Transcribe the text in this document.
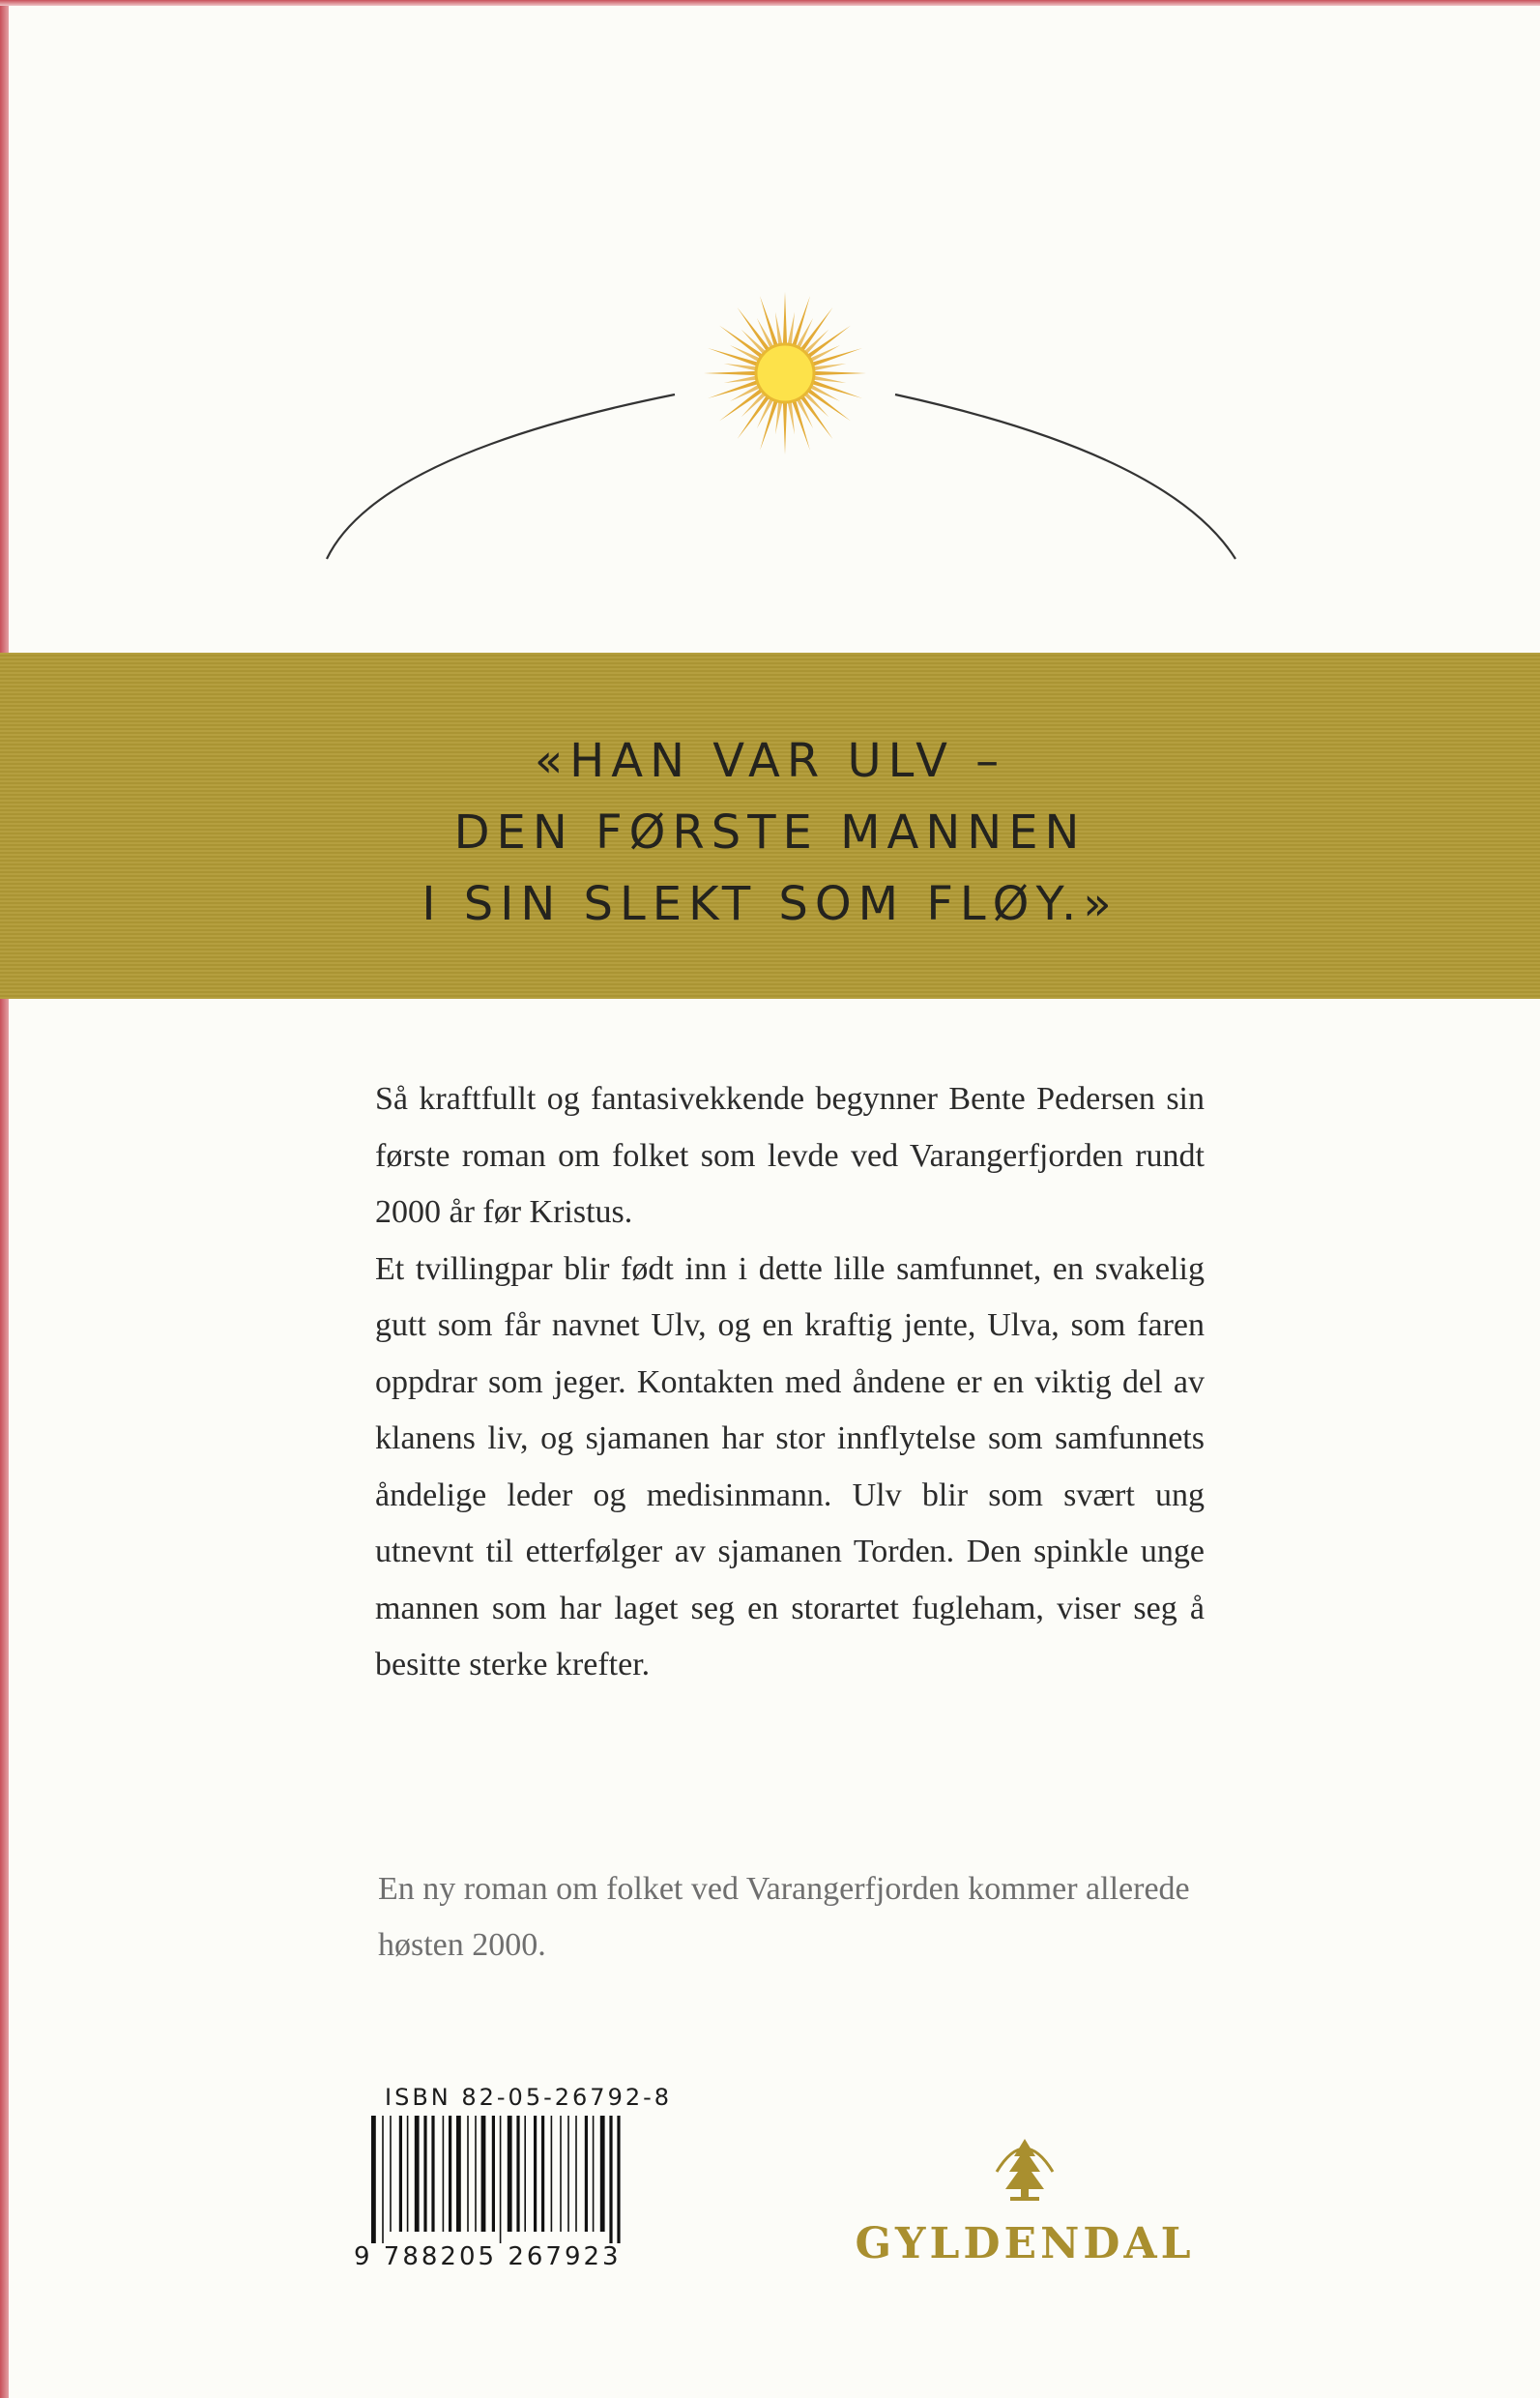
«HAN VAR ULV –
DEN FØRSTE MANNEN
I SIN SLEKT SOM FLØY.»

Så kraftfullt og fantasivekkende begynner Bente Pedersen sin første roman om folket som levde ved Varangerfjorden rundt 2000 år før Kristus.

Et tvillingpar blir født inn i dette lille samfunnet, en svakelig gutt som får navnet Ulv, og en kraftig jente, Ulva, som faren oppdrar som jeger. Kontakten med åndene er en viktig del av klanens liv, og sjamanen har stor innflytelse som samfunnets åndelige leder og medisinmann. Ulv blir som svært ung utnevnt til etterfølger av sjamanen Torden. Den spinkle unge mannen som har laget seg en storartet fugleham, viser seg å besitte sterke krefter.

En ny roman om folket ved Varangerfjorden kommer allerede høsten 2000.
ISBN 82-05-26792-8
9 788205 267923	GYLDENDAL
